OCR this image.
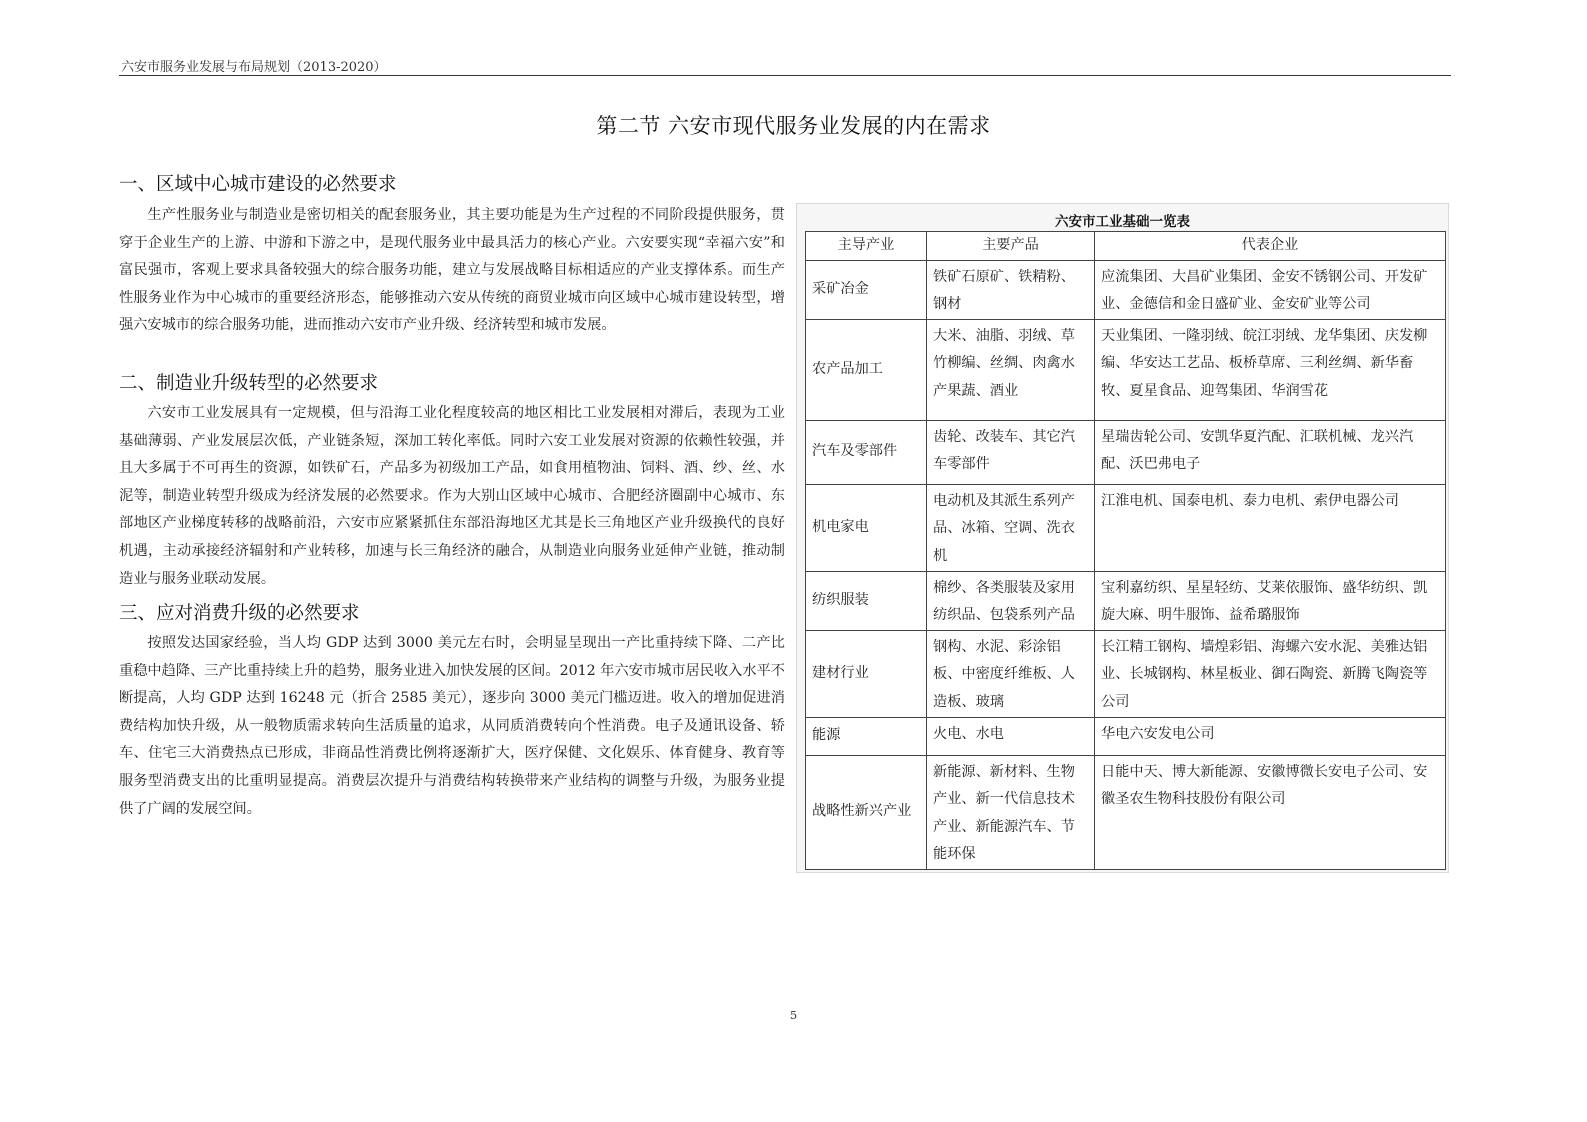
六安市服务业发展与布局规划（2013-2020）
第二节 六安市现代服务业发展的内在需求
一、区域中心城市建设的必然要求

生产性服务业与制造业是密切相关的配套服务业，其主要功能是为生产过程的不同阶段提供服务，贯穿于企业生产的上游、中游和下游之中，是现代服务业中最具活力的核心产业。六安要实现“幸福六安”和富民强市，客观上要求具备较强大的综合服务功能，建立与发展战略目标相适应的产业支撑体系。而生产性服务业作为中心城市的重要经济形态，能够推动六安从传统的商贸业城市向区域中心城市建设转型，增强六安城市的综合服务功能，进而推动六安市产业升级、经济转型和城市发展。

二、制造业升级转型的必然要求

六安市工业发展具有一定规模，但与沿海工业化程度较高的地区相比工业发展相对滞后，表现为工业基础薄弱、产业发展层次低，产业链条短，深加工转化率低。同时六安工业发展对资源的依赖性较强，并且大多属于不可再生的资源，如铁矿石，产品多为初级加工产品，如食用植物油、饲料、酒、纱、丝、水泥等，制造业转型升级成为经济发展的必然要求。作为大别山区域中心城市、合肥经济圈副中心城市、东部地区产业梯度转移的战略前沿，六安市应紧紧抓住东部沿海地区尤其是长三角地区产业升级换代的良好机遇，主动承接经济辐射和产业转移，加速与长三角经济的融合，从制造业向服务业延伸产业链，推动制造业与服务业联动发展。

三、应对消费升级的必然要求

按照发达国家经验，当人均 GDP 达到 3000 美元左右时，会明显呈现出一产比重持续下降、二产比重稳中趋降、三产比重持续上升的趋势，服务业进入加快发展的区间。2012 年六安市城市居民收入水平不断提高，人均 GDP 达到 16248 元（折合 2585 美元），逐步向 3000 美元门槛迈进。收入的增加促进消费结构加快升级，从一般物质需求转向生活质量的追求，从同质消费转向个性消费。电子及通讯设备、轿车、住宅三大消费热点已形成，非商品性消费比例将逐渐扩大，医疗保健、文化娱乐、体育健身、教育等服务型消费支出的比重明显提高。消费层次提升与消费结构转换带来产业结构的调整与升级，为服务业提供了广阔的发展空间。

六安市工业基础一览表
主导产业	主要产品	代表企业
采矿冶金	铁矿石原矿、铁精粉、钢材	应流集团、大昌矿业集团、金安不锈钢公司、开发矿业、金德信和金日盛矿业、金安矿业等公司
农产品加工	大米、油脂、羽绒、草竹柳编、丝绸、肉禽水产果蔬、酒业	天业集团、一隆羽绒、皖江羽绒、龙华集团、庆发柳编、华安达工艺品、板桥草席、三利丝绸、新华畜牧、夏星食品、迎驾集团、华润雪花
汽车及零部件	齿轮、改装车、其它汽车零部件	星瑞齿轮公司、安凯华夏汽配、汇联机械、龙兴汽配、沃巴弗电子
机电家电	电动机及其派生系列产品、冰箱、空调、洗衣机	江淮电机、国泰电机、泰力电机、索伊电器公司
纺织服装	棉纱、各类服装及家用纺织品、包袋系列产品	宝利嘉纺织、星星轻纺、艾莱依服饰、盛华纺织、凯旋大麻、明牛服饰、益希璐服饰
建材行业	钢构、水泥、彩涂铝板、中密度纤维板、人造板、玻璃	长江精工钢构、墙煌彩铝、海螺六安水泥、美雅达铝业、长城钢构、林星板业、御石陶瓷、新腾飞陶瓷等公司
能源	火电、水电	华电六安发电公司
战略性新兴产业	新能源、新材料、生物产业、新一代信息技术产业、新能源汽车、节能环保	日能中天、博大新能源、安徽博微长安电子公司、安徽圣农生物科技股份有限公司
5
